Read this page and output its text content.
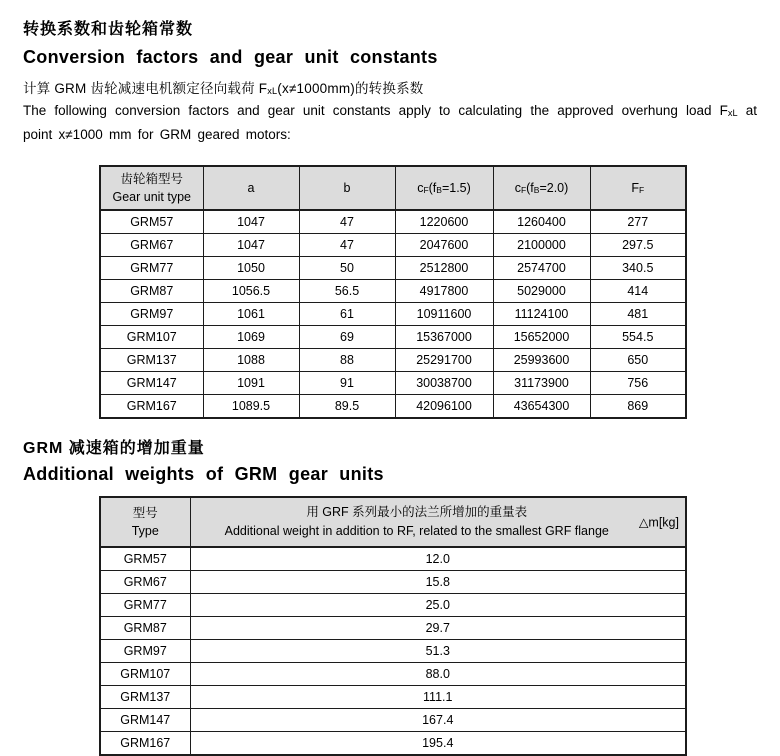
转换系数和齿轮箱常数
Conversion factors and gear unit constants

计算 GRM 齿轮减速电机额定径向载荷 FxL(x≠1000mm)的转换系数

The following conversion factors and gear unit constants apply to calculating the approved overhung load FxL at point x≠1000 mm for GRM geared motors:

齿轮箱型号
Gear unit type	a	b	cF(fB=1.5)	cF(fB=2.0)	FF
GRM57	1047	47	1220600	1260400	277
GRM67	1047	47	2047600	2100000	297.5
GRM77	1050	50	2512800	2574700	340.5
GRM87	1056.5	56.5	4917800	5029000	414
GRM97	1061	61	10911600	11124100	481
GRM107	1069	69	15367000	15652000	554.5
GRM137	1088	88	25291700	25993600	650
GRM147	1091	91	30038700	31173900	756
GRM167	1089.5	89.5	42096100	43654300	869
GRM 减速箱的增加重量
Additional weights of GRM gear units
型号
Type

用 GRF 系列最小的法兰所增加的重量表
Additional weight in addition to RF, related to the smallest GRF flange
△m[kg]

GRM57	12.0
GRM67	15.8
GRM77	25.0
GRM87	29.7
GRM97	51.3
GRM107	88.0
GRM137	111.1
GRM147	167.4
GRM167	195.4
